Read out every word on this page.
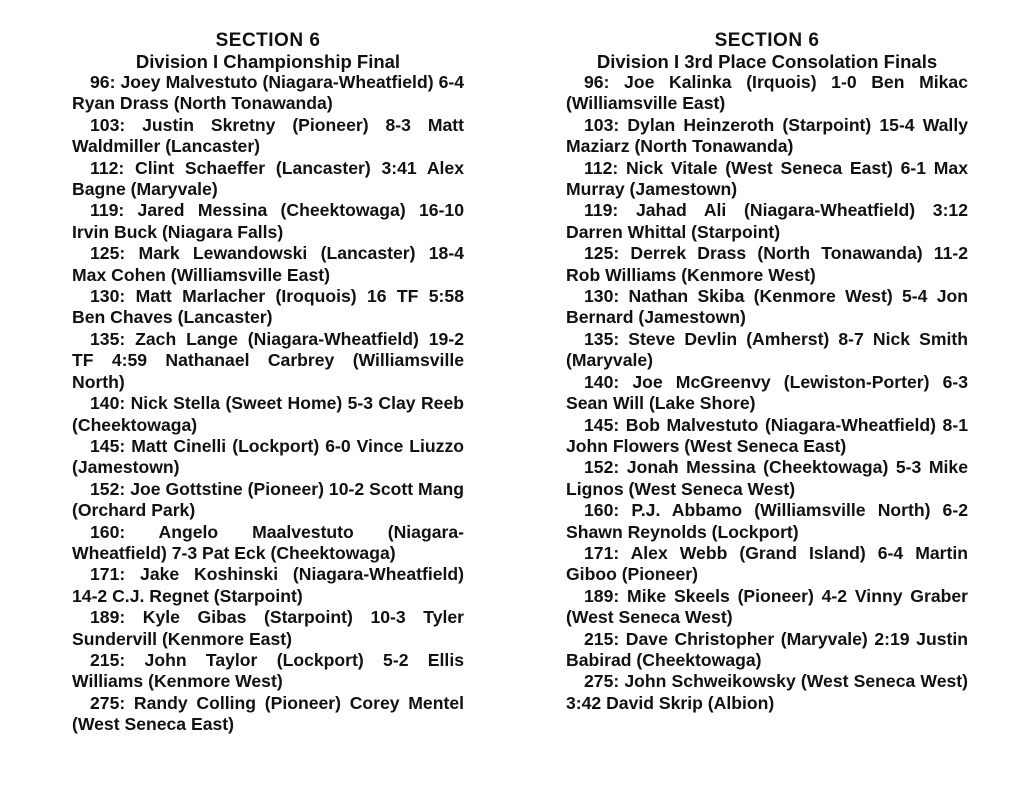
SECTION 6
Division I Championship Final
96: Joey Malvestuto (Niagara-Wheatfield) 6-4 Ryan Drass (North Tonawanda)
103: Justin Skretny (Pioneer) 8-3 Matt Waldmiller (Lancaster)
112: Clint Schaeffer (Lancaster) 3:41 Alex Bagne (Maryvale)
119: Jared Messina (Cheektowaga) 16-10 Irvin Buck (Niagara Falls)
125: Mark Lewandowski (Lancaster) 18-4 Max Cohen (Williamsville East)
130: Matt Marlacher (Iroquois) 16 TF 5:58 Ben Chaves (Lancaster)
135: Zach Lange (Niagara-Wheatfield) 19-2 TF 4:59 Nathanael Carbrey (Williamsville North)
140: Nick Stella (Sweet Home) 5-3 Clay Reeb (Cheektowaga)
145: Matt Cinelli (Lockport) 6-0 Vince Liuzzo (Jamestown)
152: Joe Gottstine (Pioneer) 10-2 Scott Mang (Orchard Park)
160: Angelo Maalvestuto (Niagara-Wheatfield) 7-3 Pat Eck (Cheektowaga)
171: Jake Koshinski (Niagara-Wheatfield) 14-2 C.J. Regnet (Starpoint)
189: Kyle Gibas (Starpoint) 10-3 Tyler Sundervill (Kenmore East)
215: John Taylor (Lockport) 5-2 Ellis Williams (Kenmore West)
275: Randy Colling (Pioneer) Corey Mentel (West Seneca East)
SECTION 6
Division I 3rd Place Consolation Finals
96: Joe Kalinka (Irquois) 1-0 Ben Mikac (Williamsville East)
103: Dylan Heinzeroth (Starpoint) 15-4 Wally Maziarz (North Tonawanda)
112: Nick Vitale (West Seneca East) 6-1 Max Murray (Jamestown)
119: Jahad Ali (Niagara-Wheatfield) 3:12 Darren Whittal (Starpoint)
125: Derrek Drass (North Tonawanda) 11-2 Rob Williams (Kenmore West)
130: Nathan Skiba (Kenmore West) 5-4 Jon Bernard (Jamestown)
135: Steve Devlin (Amherst) 8-7 Nick Smith (Maryvale)
140: Joe McGreenvy (Lewiston-Porter) 6-3 Sean Will (Lake Shore)
145: Bob Malvestuto (Niagara-Wheatfield) 8-1 John Flowers (West Seneca East)
152: Jonah Messina (Cheektowaga) 5-3 Mike Lignos (West Seneca West)
160: P.J. Abbamo (Williamsville North) 6-2 Shawn Reynolds (Lockport)
171: Alex Webb (Grand Island) 6-4 Martin Giboo (Pioneer)
189: Mike Skeels (Pioneer) 4-2 Vinny Graber (West Seneca West)
215: Dave Christopher (Maryvale) 2:19 Justin Babirad (Cheektowaga)
275: John Schweikowsky (West Seneca West) 3:42 David Skrip (Albion)
